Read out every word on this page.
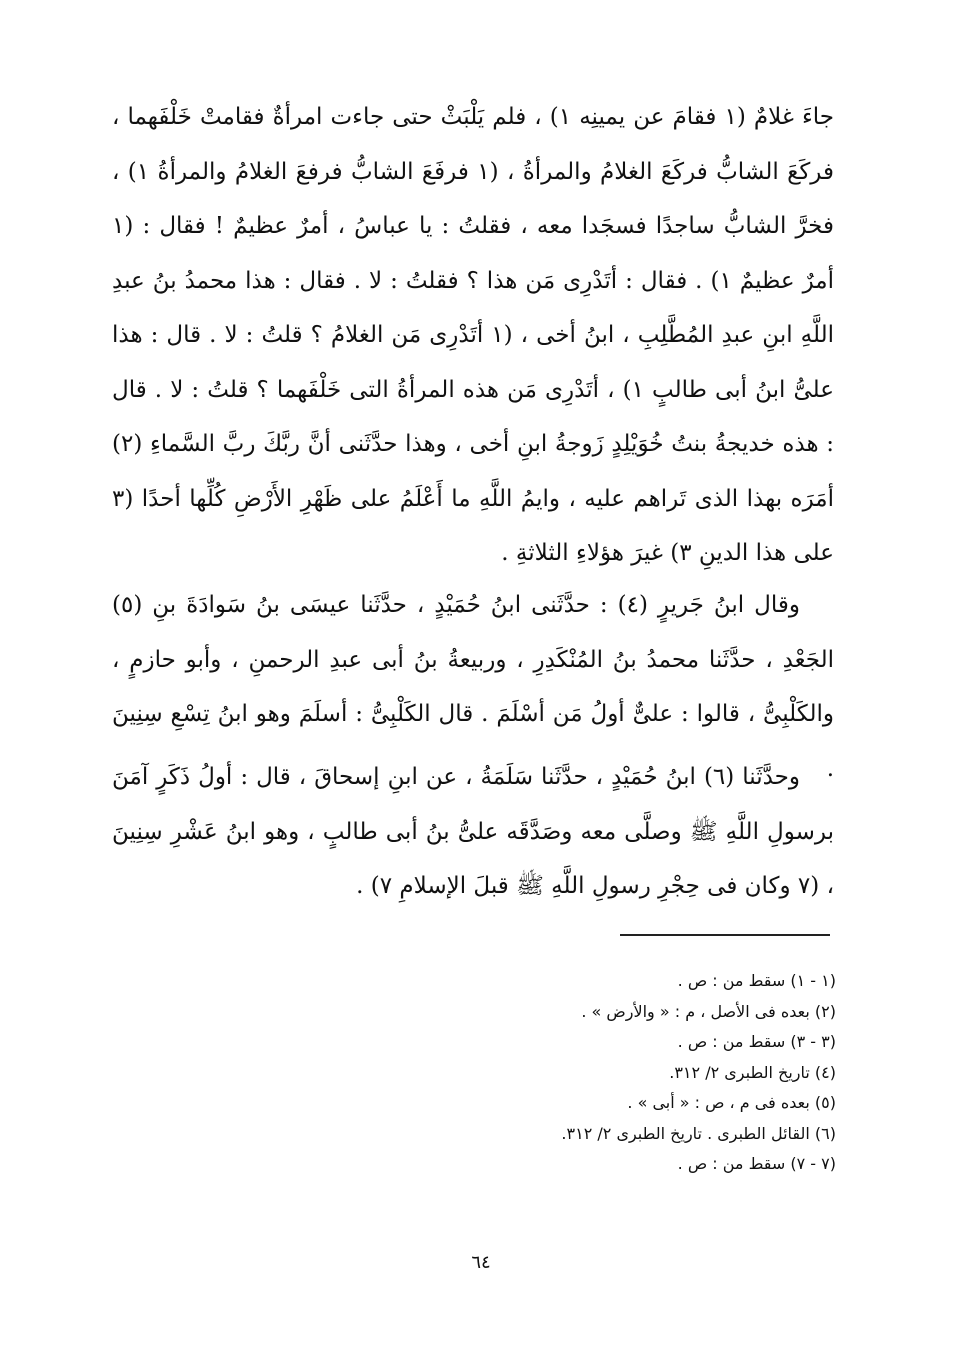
جاءَ غلامٌ (١ فقامَ عن يمينِه ١) ، فلم يَلْبَثْ حتى جاءت امرأةٌ فقامتْ خَلْفَهما ، فركَعَ الشابُّ فركَعَ الغلامُ والمرأةُ ، (١ فرفَعَ الشابُّ فرفعَ الغلامُ والمرأةُ ١) ، فخرَّ الشابُّ ساجدًا فسجَدا معه ، فقلتُ : يا عباسُ ، أمرٌ عظيمٌ ! فقال : (١ أمرٌ عظيمٌ ١) . فقال : أتَدْرِى مَن هذا ؟ فقلتُ : لا . فقال : هذا محمدُ بنُ عبدِ اللَّهِ ابنِ عبدِ المُطَّلِبِ ، ابنُ أخى ، (١ أتَدْرِى مَن الغلامُ ؟ قلتُ : لا . قال : هذا علىُّ ابنُ أبى طالبٍ ١) ، أتَدْرِى مَن هذه المرأةُ التى خَلْفَهما ؟ قلتُ : لا . قال : هذه خديجةُ بنتُ خُوَيْلِدٍ زَوجةُ ابنِ أخى ، وهذا حدَّثَنى أنَّ ربَّكَ ربَّ السَّماءِ (٢) أمَرَه بهذا الذى تَراهم عليه ، وايمُ اللَّهِ ما أَعْلَمُ على ظَهْرِ الأَرْضِ كُلِّها أحدًا (٣ على هذا الدينِ ٣) غيرَ هؤلاءِ الثلاثةِ .

وقال ابنُ جَريرٍ (٤) : حدَّثَنى ابنُ حُمَيْدٍ ، حدَّثَنا عيسَى بنُ سَوادَةَ بنِ (٥) الجَعْدِ ، حدَّثَنا محمدُ بنُ المُنْكَدِرِ ، وربيعةُ بنُ أبى عبدِ الرحمنِ ، وأبو حازمٍ ، والكَلْبِىُّ ، قالوا : علىٌّ أولُ مَن أسْلَمَ . قال الكَلْبِىُّ : أسلَمَ وهو ابنُ تِسْعِ سِنِينَ .

وحدَّثَنا (٦) ابنُ حُمَيْدٍ ، حدَّثَنا سَلَمَةُ ، عن ابنِ إسحاقَ ، قال : أولُ ذَكَرٍ آمَنَ برسولِ اللَّهِ ﷺ وصلَّى معه وصَدَّقَه علىُّ بنُ أبى طالبٍ ، وهو ابنُ عَشْرِ سِنِينَ ، (٧ وكان فى حِجْرِ رسولِ اللَّهِ ﷺ قبلَ الإسلامِ ٧) .

(١ - ١) سقط من : ص .
(٢) بعده فى الأصل ، م : « والأرض » .
(٣ - ٣) سقط من : ص .
(٤) تاريخ الطبرى ٢/ ٣١٢.
(٥) بعده فى م ، ص : « أبى » .
(٦) القائل الطبرى . تاريخ الطبرى ٢/ ٣١٢.
(٧ - ٧) سقط من : ص .
٦٤
